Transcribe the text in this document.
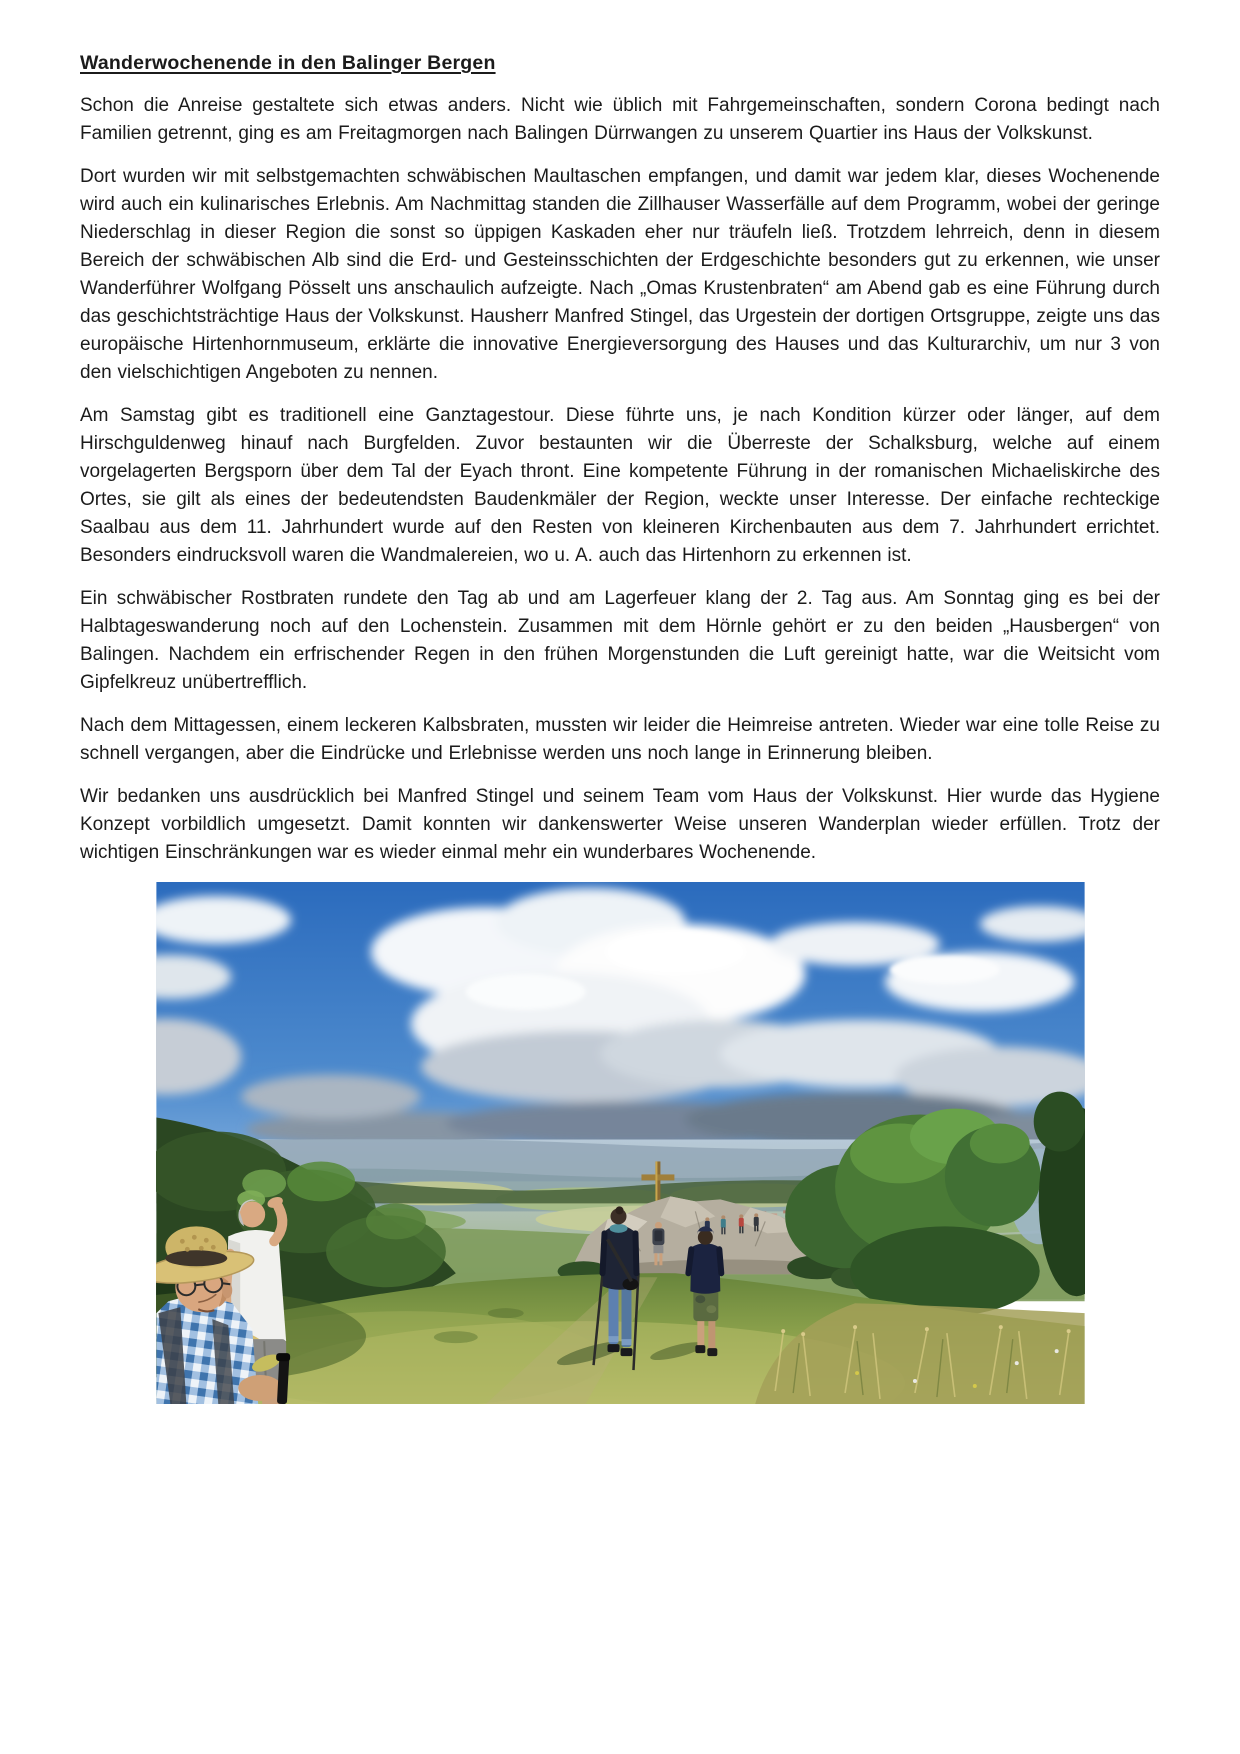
Wanderwochenende in den Balinger Bergen

Schon die Anreise gestaltete sich etwas anders. Nicht wie üblich mit Fahrgemeinschaften, sondern Corona bedingt nach Familien getrennt, ging es am Freitagmorgen nach Balingen Dürrwangen zu unserem Quartier ins Haus der Volkskunst.

Dort wurden wir mit selbstgemachten schwäbischen Maultaschen empfangen, und damit war jedem klar, dieses Wochenende wird auch ein kulinarisches Erlebnis. Am Nachmittag standen die Zillhauser Wasserfälle auf dem Programm, wobei der geringe Niederschlag in dieser Region die sonst so üppigen Kaskaden eher nur träufeln ließ. Trotzdem lehrreich, denn in diesem Bereich der schwäbischen Alb sind die Erd- und Gesteinsschichten der Erdgeschichte besonders gut zu erkennen, wie unser Wanderführer Wolfgang Pösselt uns anschaulich aufzeigte. Nach „Omas Krustenbraten“ am Abend gab es eine Führung durch das geschichtsträchtige Haus der Volkskunst. Hausherr Manfred Stingel, das Urgestein der dortigen Ortsgruppe, zeigte uns das europäische Hirtenhornmuseum, erklärte die innovative Energieversorgung des Hauses und das Kulturarchiv, um nur 3 von den vielschichtigen Angeboten zu nennen.

Am Samstag gibt es traditionell eine Ganztagestour. Diese führte uns, je nach Kondition kürzer oder länger, auf dem Hirschguldenweg hinauf nach Burgfelden. Zuvor bestaunten wir die Überreste der Schalksburg, welche auf einem vorgelagerten Bergsporn über dem Tal der Eyach thront. Eine kompetente Führung in der romanischen Michaeliskirche des Ortes, sie gilt als eines der bedeutendsten Baudenkmäler der Region, weckte unser Interesse. Der einfache rechteckige Saalbau aus dem 11. Jahrhundert wurde auf den Resten von kleineren Kirchenbauten aus dem 7. Jahrhundert errichtet. Besonders eindrucksvoll waren die Wandmalereien, wo u. A. auch das Hirtenhorn zu erkennen ist.

Ein schwäbischer Rostbraten rundete den Tag ab und am Lagerfeuer klang der 2. Tag aus. Am Sonntag ging es bei der Halbtageswanderung noch auf den Lochenstein. Zusammen mit dem Hörnle gehört er zu den beiden „Hausbergen“ von Balingen. Nachdem ein erfrischender Regen in den frühen Morgenstunden die Luft gereinigt hatte, war die Weitsicht vom Gipfelkreuz unübertrefflich.

Nach dem Mittagessen, einem leckeren Kalbsbraten, mussten wir leider die Heimreise antreten. Wieder war eine tolle Reise zu schnell vergangen, aber die Eindrücke und Erlebnisse werden uns noch lange in Erinnerung bleiben.

Wir bedanken uns ausdrücklich bei Manfred Stingel und seinem Team vom Haus der Volkskunst. Hier wurde das Hygiene Konzept vorbildlich umgesetzt. Damit konnten wir dankenswerter Weise unseren Wanderplan wieder erfüllen. Trotz der wichtigen Einschränkungen war es wieder einmal mehr ein wunderbares Wochenende.
